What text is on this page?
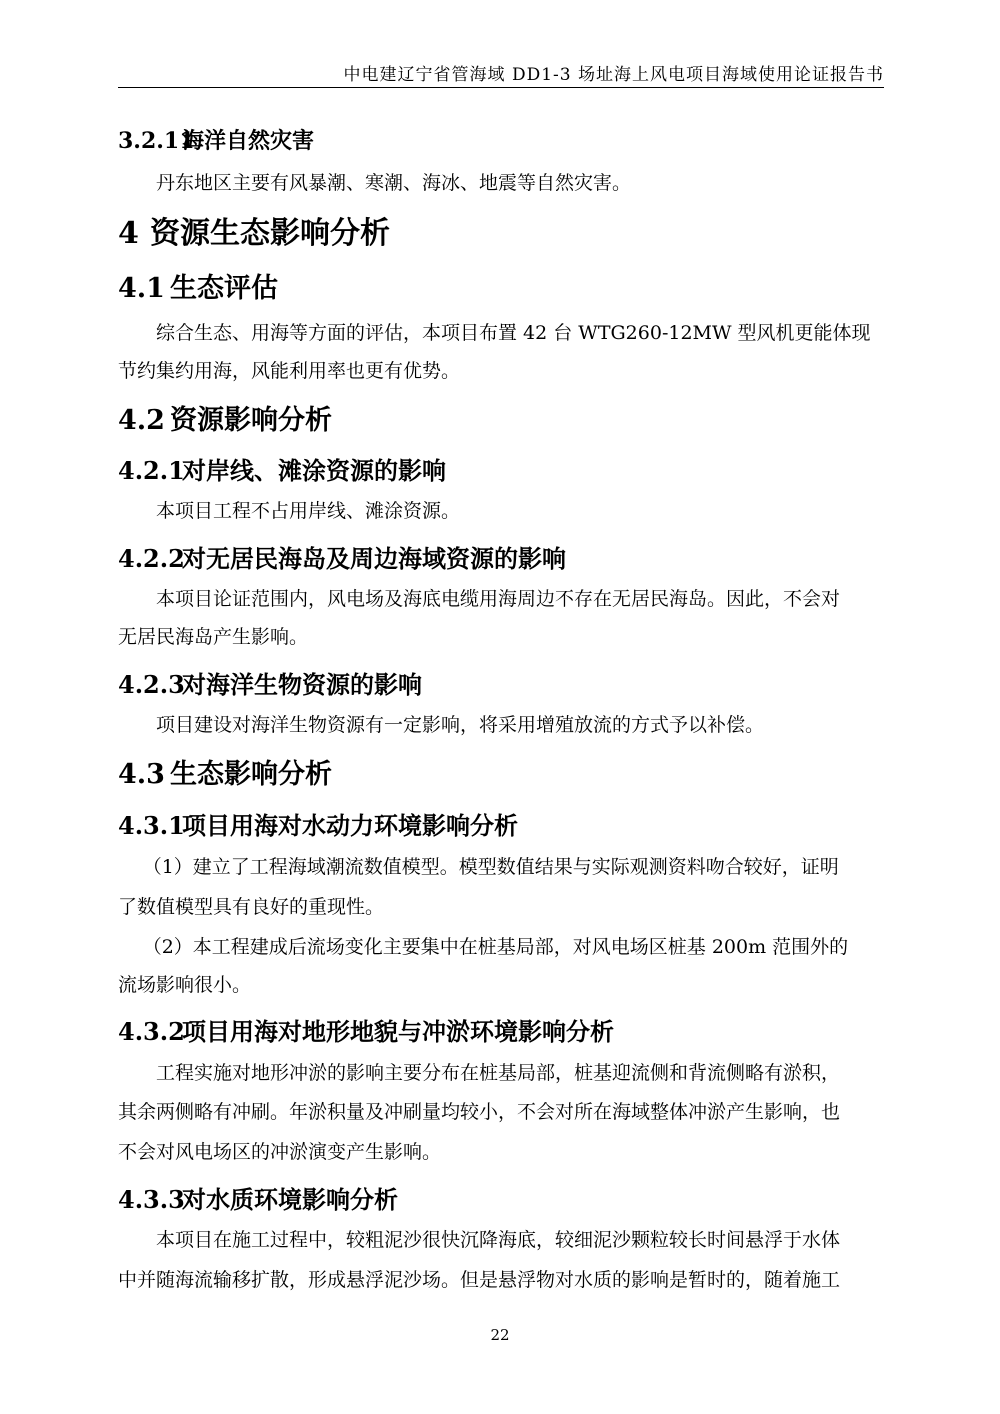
中电建辽宁省管海域 DD1-3 场址海上风电项目海域使用论证报告书
3.2.11海洋自然灾害

丹东地区主要有风暴潮、寒潮、海冰、地震等自然灾害。

4 资源生态影响分析
4.1 生态评估

综合生态、用海等方面的评估，本项目布置 42 台 WTG260-12MW 型风机更能体现

节约集约用海，风能利用率也更有优势。

4.2 资源影响分析
4.2.1对岸线、滩涂资源的影响

本项目工程不占用岸线、滩涂资源。

4.2.2对无居民海岛及周边海域资源的影响

本项目论证范围内，风电场及海底电缆用海周边不存在无居民海岛。因此，不会对

无居民海岛产生影响。

4.2.3对海洋生物资源的影响

项目建设对海洋生物资源有一定影响，将采用增殖放流的方式予以补偿。

4.3 生态影响分析
4.3.1项目用海对水动力环境影响分析

（1）建立了工程海域潮流数值模型。模型数值结果与实际观测资料吻合较好，证明

了数值模型具有良好的重现性。

（2）本工程建成后流场变化主要集中在桩基局部，对风电场区桩基 200m 范围外的

流场影响很小。

4.3.2项目用海对地形地貌与冲淤环境影响分析

工程实施对地形冲淤的影响主要分布在桩基局部，桩基迎流侧和背流侧略有淤积，

其余两侧略有冲刷。年淤积量及冲刷量均较小，不会对所在海域整体冲淤产生影响，也

不会对风电场区的冲淤演变产生影响。

4.3.3对水质环境影响分析

本项目在施工过程中，较粗泥沙很快沉降海底，较细泥沙颗粒较长时间悬浮于水体

中并随海流输移扩散，形成悬浮泥沙场。但是悬浮物对水质的影响是暂时的，随着施工

22
